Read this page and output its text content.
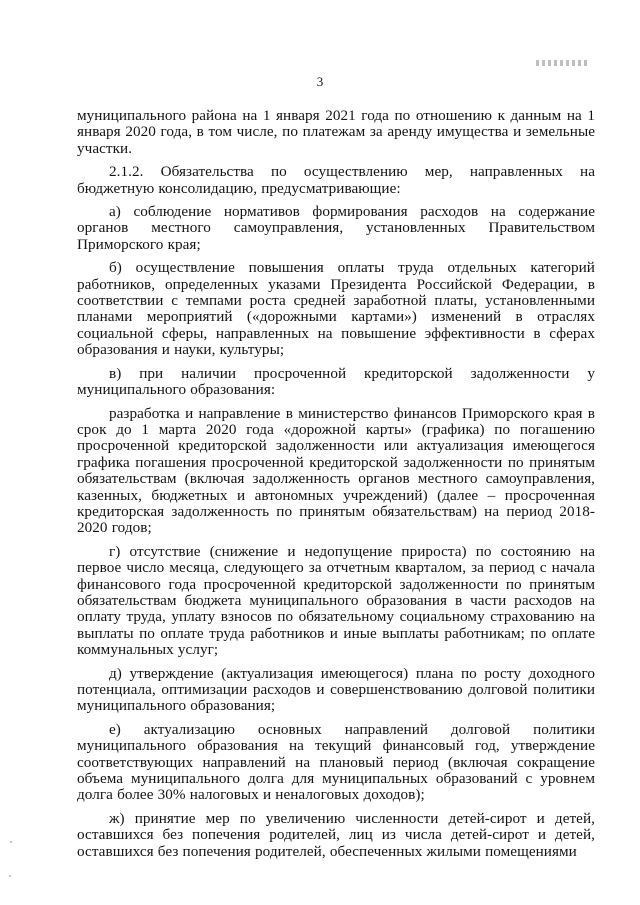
3

муниципального района на 1 января 2021 года по отношению к данным на 1 января 2020 года, в том числе, по платежам за аренду имущества и земельные участки.

2.1.2. Обязательства по осуществлению мер, направленных на бюджетную консолидацию, предусматривающие:

а) соблюдение нормативов формирования расходов на содержание органов местного самоуправления, установленных Правительством Приморского края;

б) осуществление повышения оплаты труда отдельных категорий работников, определенных указами Президента Российской Федерации, в соответствии с темпами роста средней заработной платы, установленными планами мероприятий («дорожными картами») изменений в отраслях социальной сферы, направленных на повышение эффективности в сферах образования и науки, культуры;

в) при наличии просроченной кредиторской задолженности у муниципального образования:

разработка и направление в министерство финансов Приморского края в срок до 1 марта 2020 года «дорожной карты» (графика) по погашению просроченной кредиторской задолженности или актуализация имеющегося графика погашения просроченной кредиторской задолженности по принятым обязательствам (включая задолженность органов местного самоуправления, казенных, бюджетных и автономных учреждений) (далее – просроченная кредиторская задолженность по принятым обязательствам) на период 2018-2020 годов;

г) отсутствие (снижение и недопущение прироста) по состоянию на первое число месяца, следующего за отчетным кварталом, за период с начала финансового года просроченной кредиторской задолженности по принятым обязательствам бюджета муниципального образования в части расходов на оплату труда, уплату взносов по обязательному социальному страхованию на выплаты по оплате труда работников и иные выплаты работникам; по оплате коммунальных услуг;

д) утверждение (актуализация имеющегося) плана по росту доходного потенциала, оптимизации расходов и совершенствованию долговой политики муниципального образования;

е) актуализацию основных направлений долговой политики муниципального образования на текущий финансовый год, утверждение соответствующих направлений на плановый период (включая сокращение объема муниципального долга для муниципальных образований с уровнем долга более 30% налоговых и неналоговых доходов);

ж) принятие мер по увеличению численности детей-сирот и детей, оставшихся без попечения родителей, лиц из числа детей-сирот и детей, оставшихся без попечения родителей, обеспеченных жилыми помещениями
